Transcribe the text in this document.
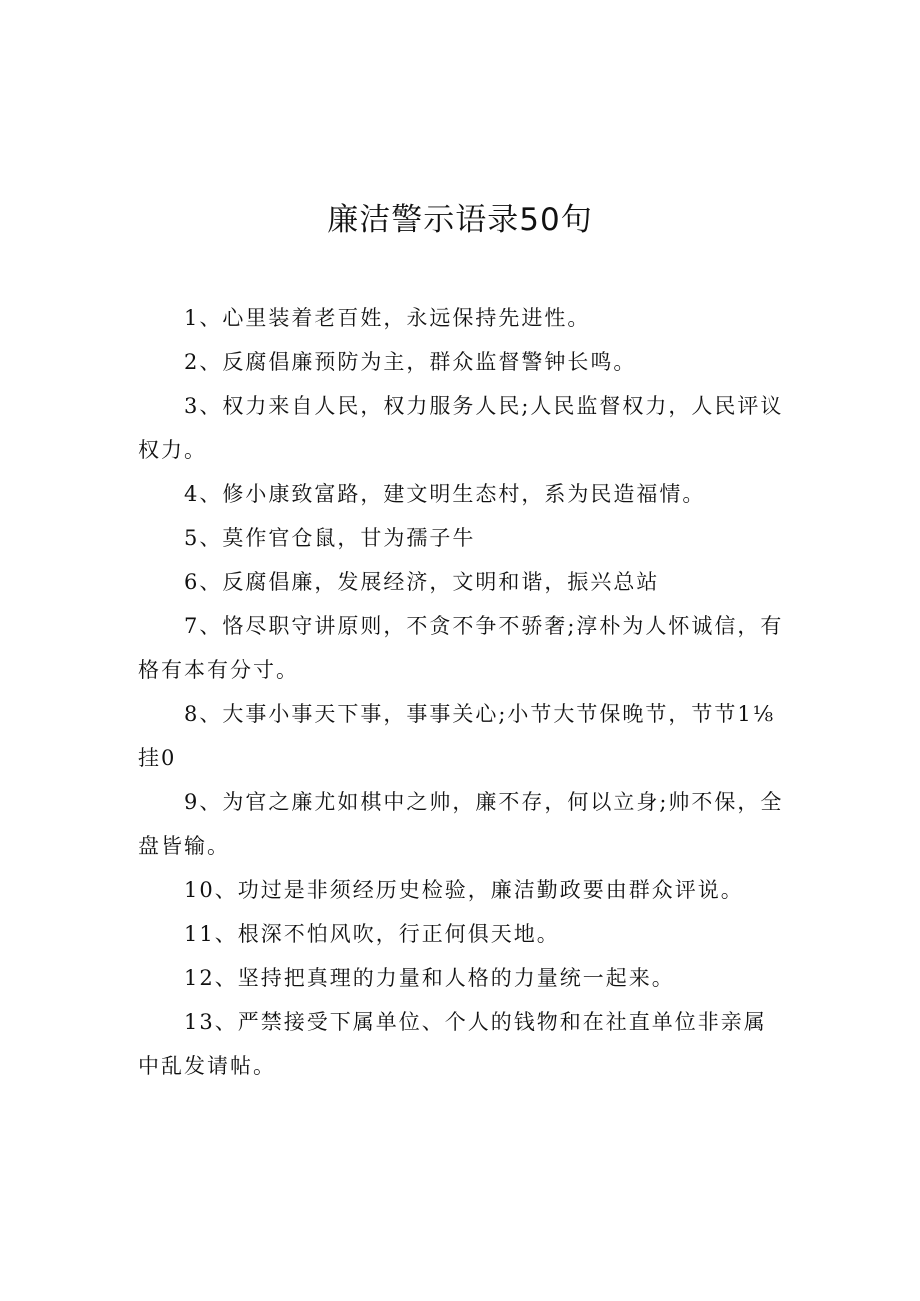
廉洁警示语录50句

1、心里装着老百姓，永远保持先进性。

2、反腐倡廉预防为主，群众监督警钟长鸣。

3、权力来自人民，权力服务人民;人民监督权力，人民评议权力。

4、修小康致富路，建文明生态村，系为民造福情。

5、莫作官仓鼠，甘为孺子牛

6、反腐倡廉，发展经济，文明和谐，振兴总站

7、恪尽职守讲原则，不贪不争不骄奢;淳朴为人怀诚信，有格有本有分寸。

8、大事小事天下事，事事关心;小节大节保晚节，节节1⅛挂0

9、为官之廉尤如棋中之帅，廉不存，何以立身;帅不保，全盘皆输。

10、功过是非须经历史检验，廉洁勤政要由群众评说。

11、根深不怕风吹，行正何俱天地。

12、坚持把真理的力量和人格的力量统一起来。

13、严禁接受下属单位、个人的钱物和在社直单位非亲属中乱发请帖。
